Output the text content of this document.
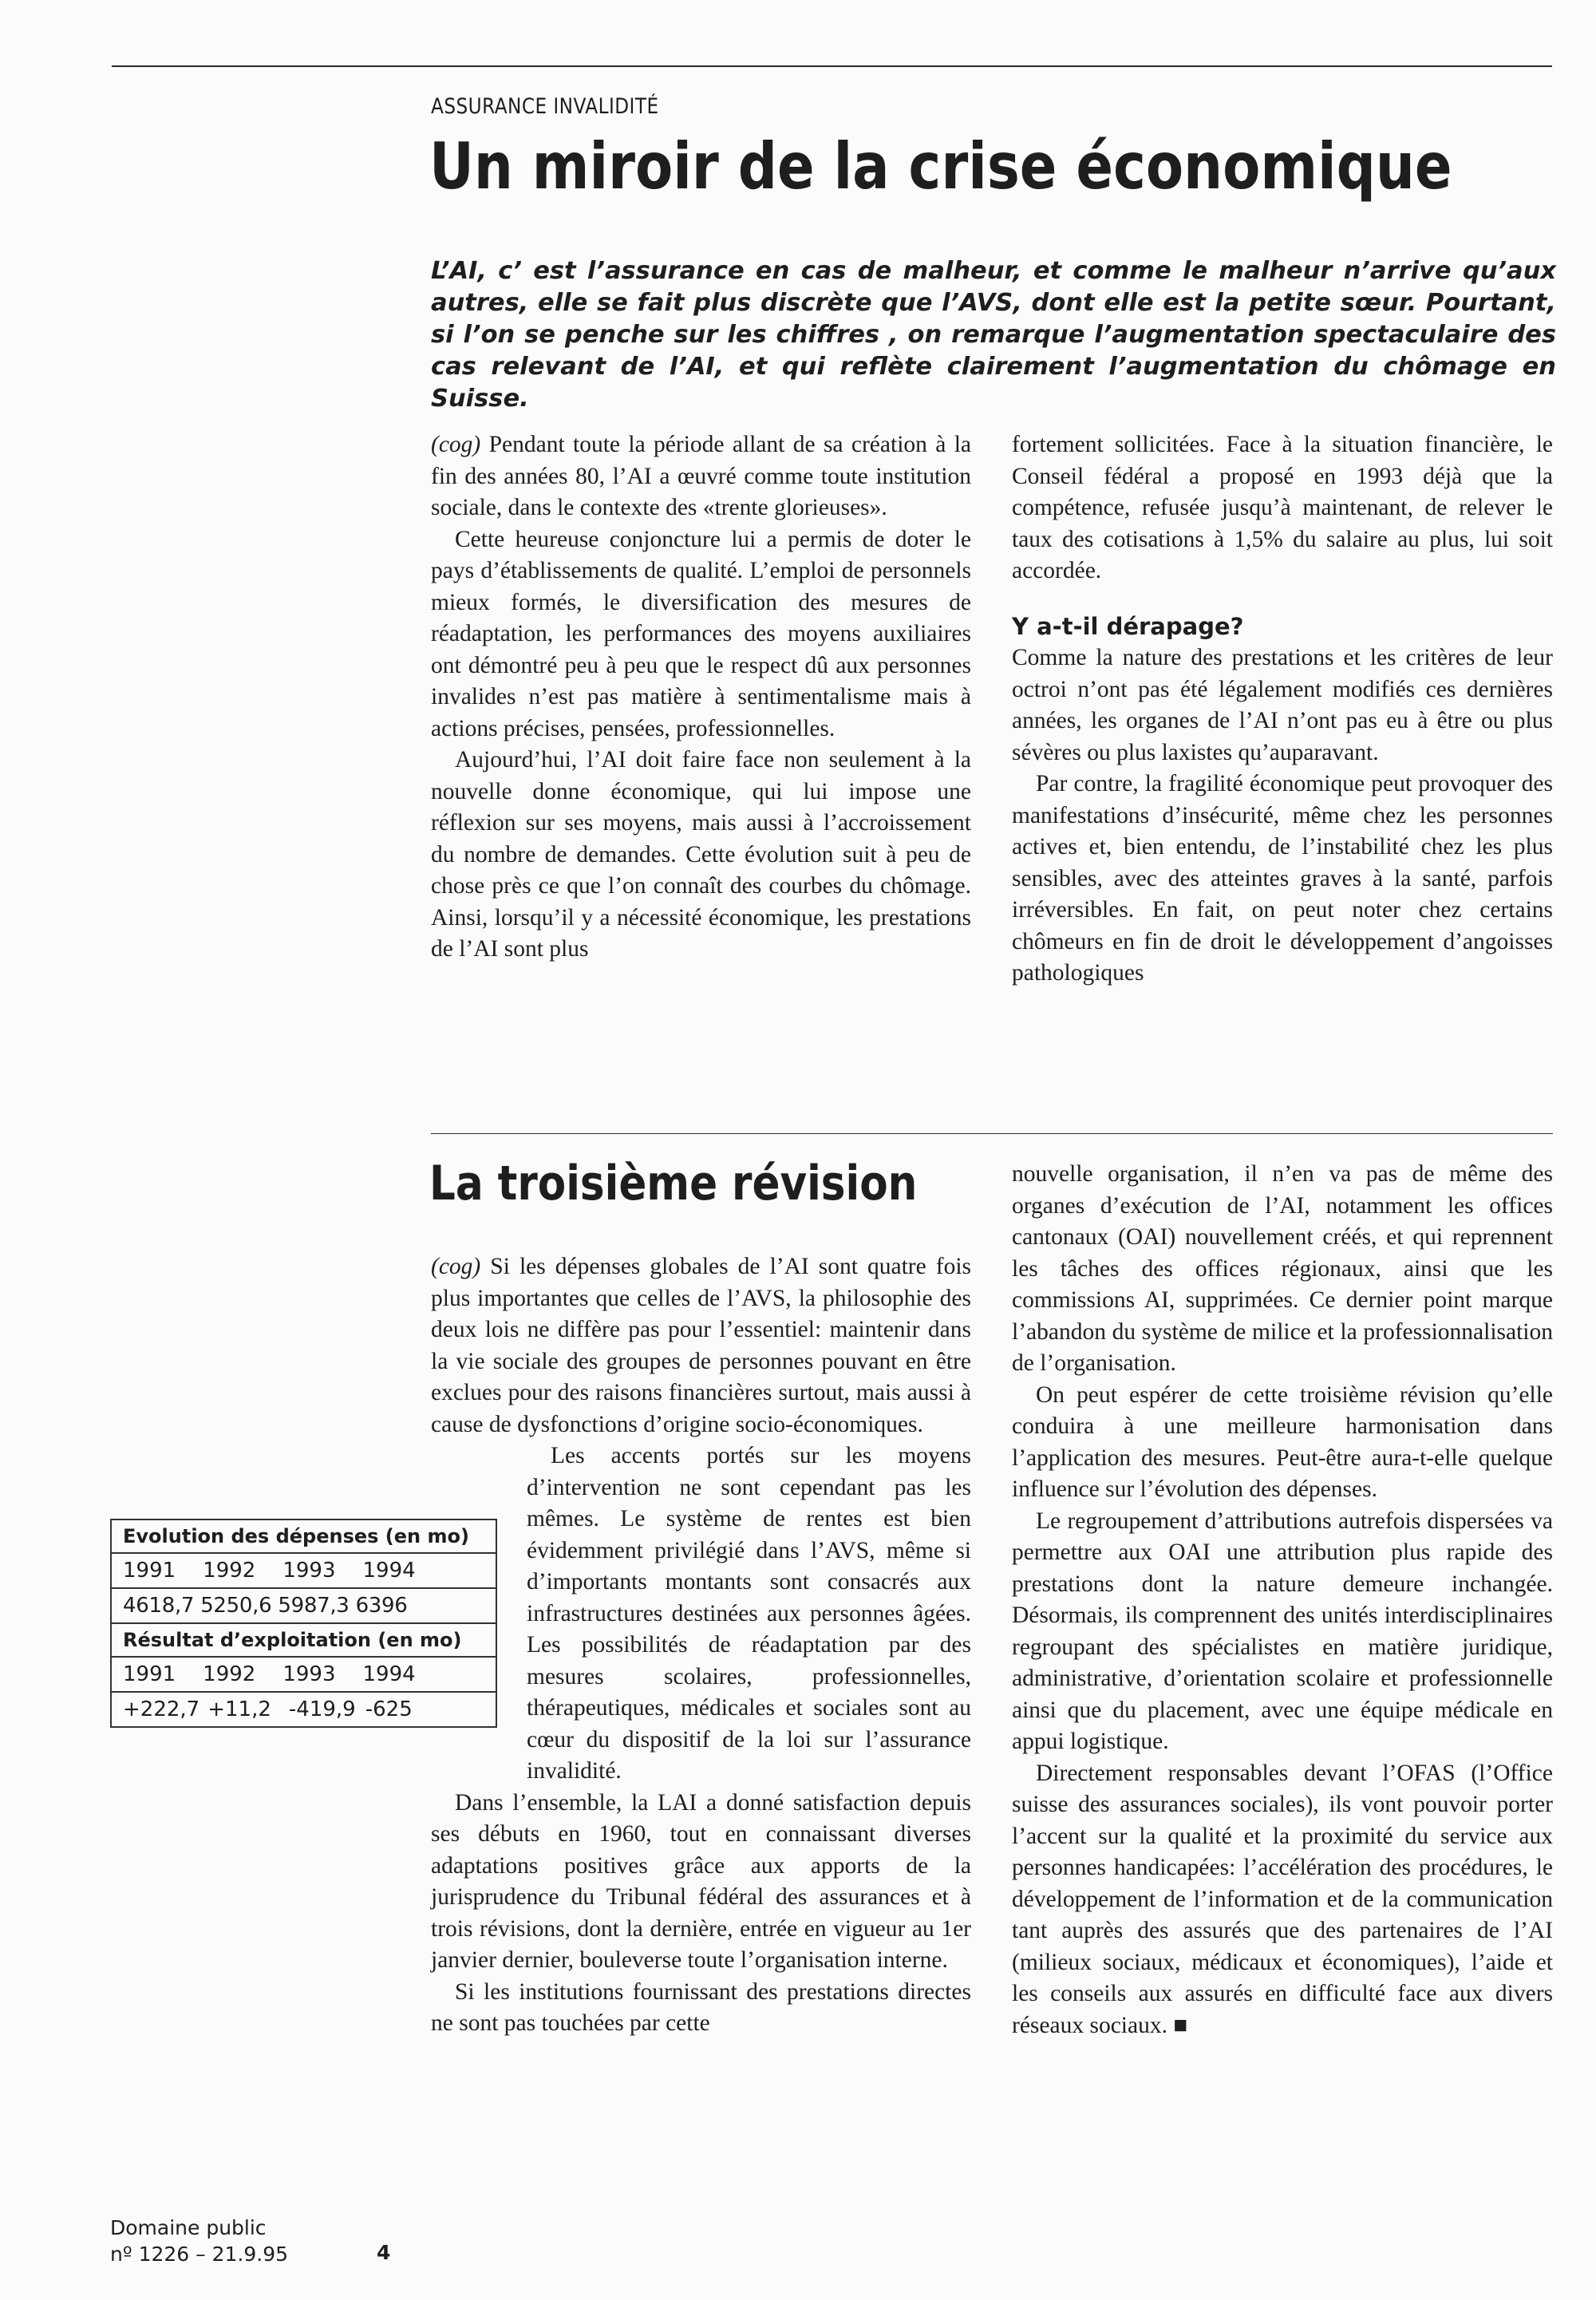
ASSURANCE INVALIDITÉ
Un miroir de la crise économique

L’AI, c’ est l’assurance en cas de malheur, et comme le malheur n’arrive qu’aux autres, elle se fait plus discrète que l’AVS, dont elle est la petite sœur. Pourtant, si l’on se penche sur les chiffres , on remarque l’augmentation spectaculaire des cas relevant de l’AI, et qui reflète clairement l’augmentation du chômage en Suisse.

(cog) Pendant toute la période allant de sa création à la fin des années 80, l’AI a œuvré comme toute institution sociale, dans le contexte des «trente glorieuses».

Cette heureuse conjoncture lui a permis de doter le pays d’établissements de qualité. L’emploi de personnels mieux formés, le diversification des mesures de réadaptation, les performances des moyens auxiliaires ont démontré peu à peu que le respect dû aux personnes invalides n’est pas matière à sentimentalisme mais à actions précises, pensées, professionnelles.

Aujourd’hui, l’AI doit faire face non seulement à la nouvelle donne économique, qui lui impose une réflexion sur ses moyens, mais aussi à l’accroissement du nombre de demandes. Cette évolution suit à peu de chose près ce que l’on connaît des courbes du chômage. Ainsi, lorsqu’il y a nécessité économique, les prestations de l’AI sont plus

fortement sollicitées. Face à la situation financière, le Conseil fédéral a proposé en 1993 déjà que la compétence, refusée jusqu’à maintenant, de relever le taux des cotisations à 1,5% du salaire au plus, lui soit accordée.

Y a-t-il dérapage?

Comme la nature des prestations et les critères de leur octroi n’ont pas été légalement modifiés ces dernières années, les organes de l’AI n’ont pas eu à être ou plus sévères ou plus laxistes qu’auparavant.

Par contre, la fragilité économique peut provoquer des manifestations d’insécurité, même chez les personnes actives et, bien entendu, de l’instabilité chez les plus sensibles, avec des atteintes graves à la santé, parfois irréversibles. En fait, on peut noter chez certains chômeurs en fin de droit le développement d’angoisses pathologiques

La troisième révision

(cog) Si les dépenses globales de l’AI sont quatre fois plus importantes que celles de l’AVS, la philosophie des deux lois ne diffère pas pour l’essentiel: maintenir dans la vie sociale des groupes de personnes pouvant en être exclues pour des raisons financières surtout, mais aussi à cause de dysfonctions d’origine socio-économiques.

Les accents portés sur les moyens d’intervention ne sont cependant pas les mêmes. Le système de rentes est bien évidemment privilégié dans l’AVS, même si d’importants montants sont consacrés aux infrastructures destinées aux personnes âgées. Les possibilités de réadaptation par des mesures scolaires, professionnelles, thérapeutiques, médicales et sociales sont au cœur du dispositif de la loi sur l’assurance invalidité.

Dans l’ensemble, la LAI a donné satisfaction depuis ses débuts en 1960, tout en connaissant diverses adaptations positives grâce aux apports de la jurisprudence du Tribunal fédéral des assurances et à trois révisions, dont la dernière, entrée en vigueur au 1er janvier dernier, bouleverse toute l’organisation interne.

Si les institutions fournissant des prestations directes ne sont pas touchées par cette

nouvelle organisation, il n’en va pas de même des organes d’exécution de l’AI, notamment les offices cantonaux (OAI) nouvellement créés, et qui reprennent les tâches des offices régionaux, ainsi que les commissions AI, supprimées. Ce dernier point marque l’abandon du système de milice et la professionnalisation de l’organisation.

On peut espérer de cette troisième révision qu’elle conduira à une meilleure harmonisation dans l’application des mesures. Peut-être aura-t-elle quelque influence sur l’évolution des dépenses.

Le regroupement d’attributions autrefois dispersées va permettre aux OAI une attribution plus rapide des prestations dont la nature demeure inchangée. Désormais, ils comprennent des unités interdisciplinaires regroupant des spécialistes en matière juridique, administrative, d’orientation scolaire et professionnelle ainsi que du placement, avec une équipe médicale en appui logistique.

Directement responsables devant l’OFAS (l’Office suisse des assurances sociales), ils vont pouvoir porter l’accent sur la qualité et la proximité du service aux personnes handicapées: l’accélération des procédures, le développement de l’information et de la communication tant auprès des assurés que des partenaires de l’AI (milieux sociaux, médicaux et économiques), l’aide et les conseils aux assurés en difficulté face aux divers réseaux sociaux. ■

Evolution des dépenses (en mo)
1991 1992 1993 1994
4618,7 5250,6 5987,3 6396
Résultat d’exploitation (en mo)
1991 1992 1993 1994
+222,7 +11,2 -419,9 -625
Domaine public
nº 1226 – 21.9.95	4
